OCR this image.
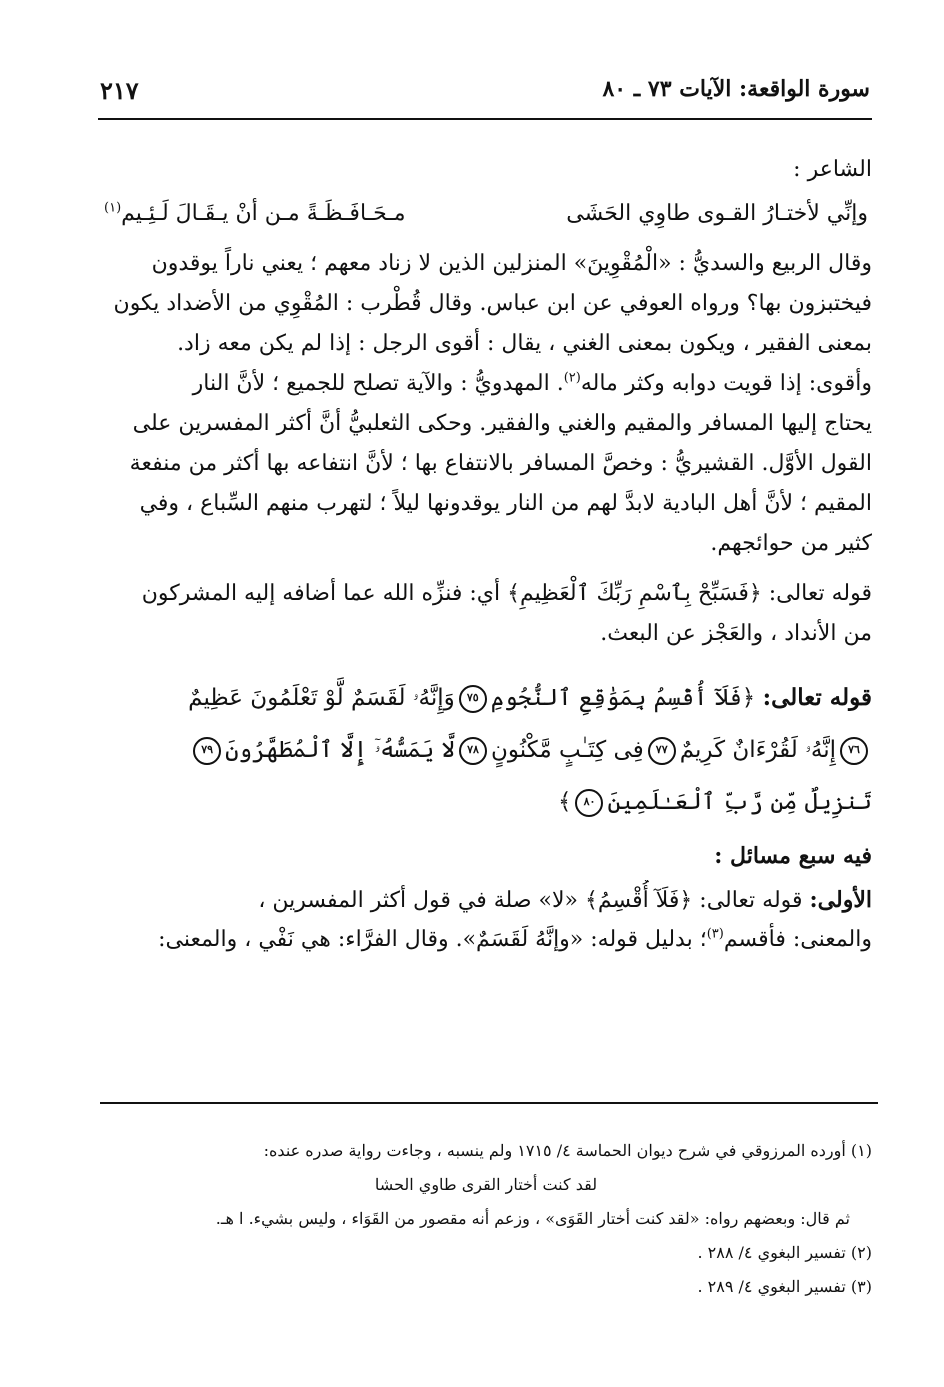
سورة الواقعة: الآيات ٧٣ ـ ٨٠
٢١٧
الشاعر :
وإنِّي لأختـارُ القـوى طاوِي الحَشَى
مـحَـافَـظَـةً مـن أنْ يـقَـالَ لَـئِـيم$^{(١)}$
وقال الربيع والسديُّ : «الْمُقْوِينَ» المنزلين الذين لا زناد معهم ؛ يعني ناراً يوقدون
فيختبزون بها؟ ورواه العوفي عن ابن عباس. وقال قُطْرب : المُقْوِي من الأضداد يكون
بمعنى الفقير ، ويكون بمعنى الغني ، يقال : أقوى الرجل : إذا لم يكن معه زاد.
وأقوى: إذا قويت دوابه وكثر ماله$^{(٢)}$. المهدويُّ : والآية تصلح للجميع ؛ لأنَّ النار
يحتاج إليها المسافر والمقيم والغني والفقير. وحكى الثعلبيُّ أنَّ أكثر المفسرين على
القول الأوَّل. القشيريُّ : وخصَّ المسافر بالانتفاع بها ؛ لأنَّ انتفاعه بها أكثر من منفعة
المقيم ؛ لأنَّ أهل البادية لابدَّ لهم من النار يوقدونها ليلاً ؛ لتهرب منهم السِّباع ، وفي
كثير من حوائجهم.
قوله تعالى: ﴿فَسَبِّحْ بِٱسْمِ رَبِّكَ ٱلْعَظِيمِ﴾ أي: فنزِّه الله عما أضافه إليه المشركون
من الأنداد ، والعَجْز عن البعث.
قوله تعالى: ﴿فَلَآ أُقْسِمُ بِمَوَٰقِعِ ٱلنُّجُومِ٧٥وَإِنَّهُۥ لَقَسَمٌ لَّوْ تَعْلَمُونَ عَظِيمٌ
٧٦إِنَّهُۥ لَقُرْءَانٌ كَرِيمٌ٧٧فِى كِتَـٰبٍ مَّكْنُونٍ٧٨لَّا يَمَسُّهُۥٓ إِلَّا ٱلْمُطَهَّرُونَ٧٩
تَنزِيلٌ مِّن رَّبِّ ٱلْعَـٰلَمِينَ٨٠﴾
فيه سبع مسائل :
الأولى: قوله تعالى: ﴿فَلَآ أُقْسِمُ﴾ «لا» صلة في قول أكثر المفسرين ،
والمعنى: فأقسم$^{(٣)}$؛ بدليل قوله: «وإنَّهُ لَقَسَمٌ». وقال الفرَّاء: هي نَفْي ، والمعنى:
(١) أورده المرزوقي في شرح ديوان الحماسة ٤/ ١٧١٥ ولم ينسبه ، وجاءت رواية صدره عنده:
لقد كنت أختار القرى طاوي الحشا
ثم قال: وبعضهم رواه: «لقد كنت أختار القَوَى» ، وزعم أنه مقصور من القَوَاء ، وليس بشيء. ا هـ.
(٢) تفسير البغوي ٤/ ٢٨٨ .
(٣) تفسير البغوي ٤/ ٢٨٩ .
